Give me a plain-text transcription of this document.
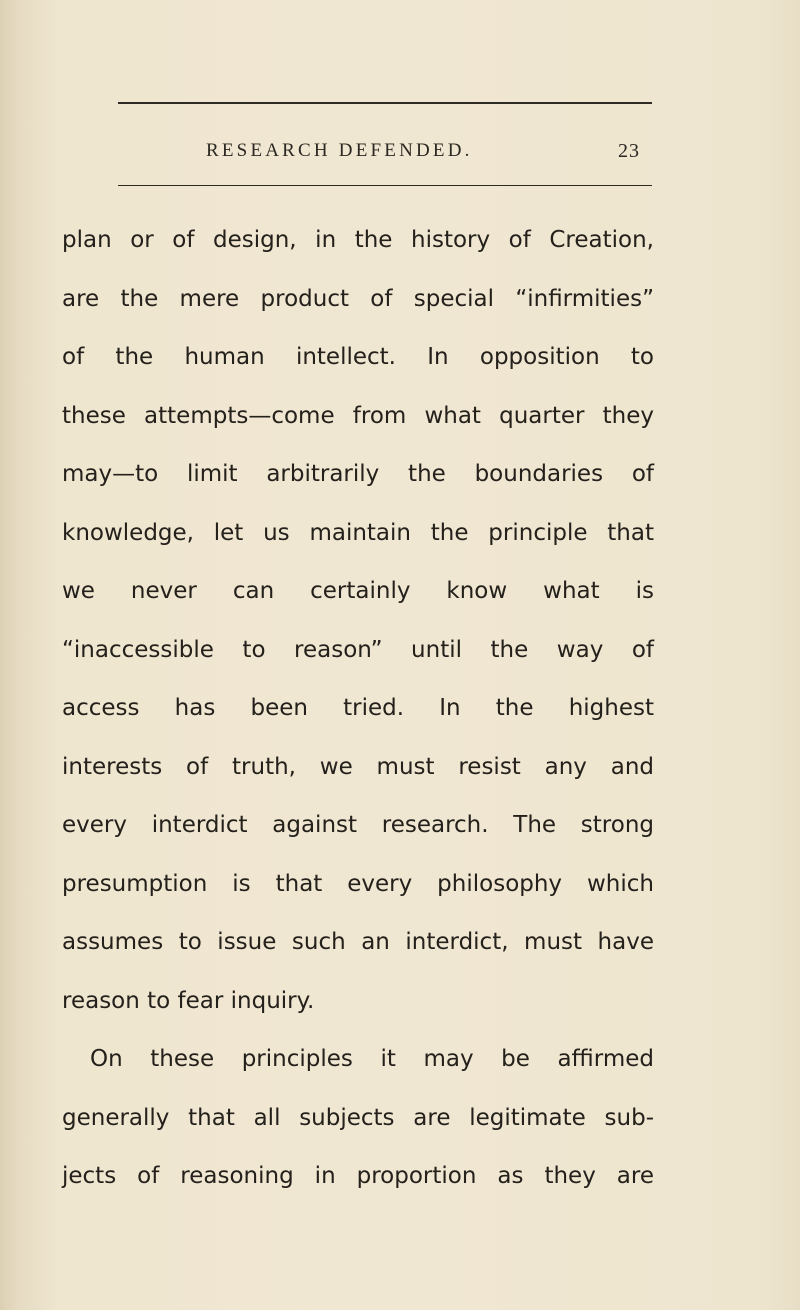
RESEARCH DEFENDED.	23
plan or of design, in the history of Creation,
are the mere product of special “infirmities”
of the human intellect. In opposition to
these attempts—come from what quarter they
may—to limit arbitrarily the boundaries of
knowledge, let us maintain the principle that
we never can certainly know what is
“inaccessible to reason” until the way of
access has been tried. In the highest
interests of truth, we must resist any and
every interdict against research. The strong
presumption is that every philosophy which
assumes to issue such an interdict, must have
reason to fear inquiry.
On these principles it may be affirmed
generally that all subjects are legitimate sub-
jects of reasoning in proportion as they are
